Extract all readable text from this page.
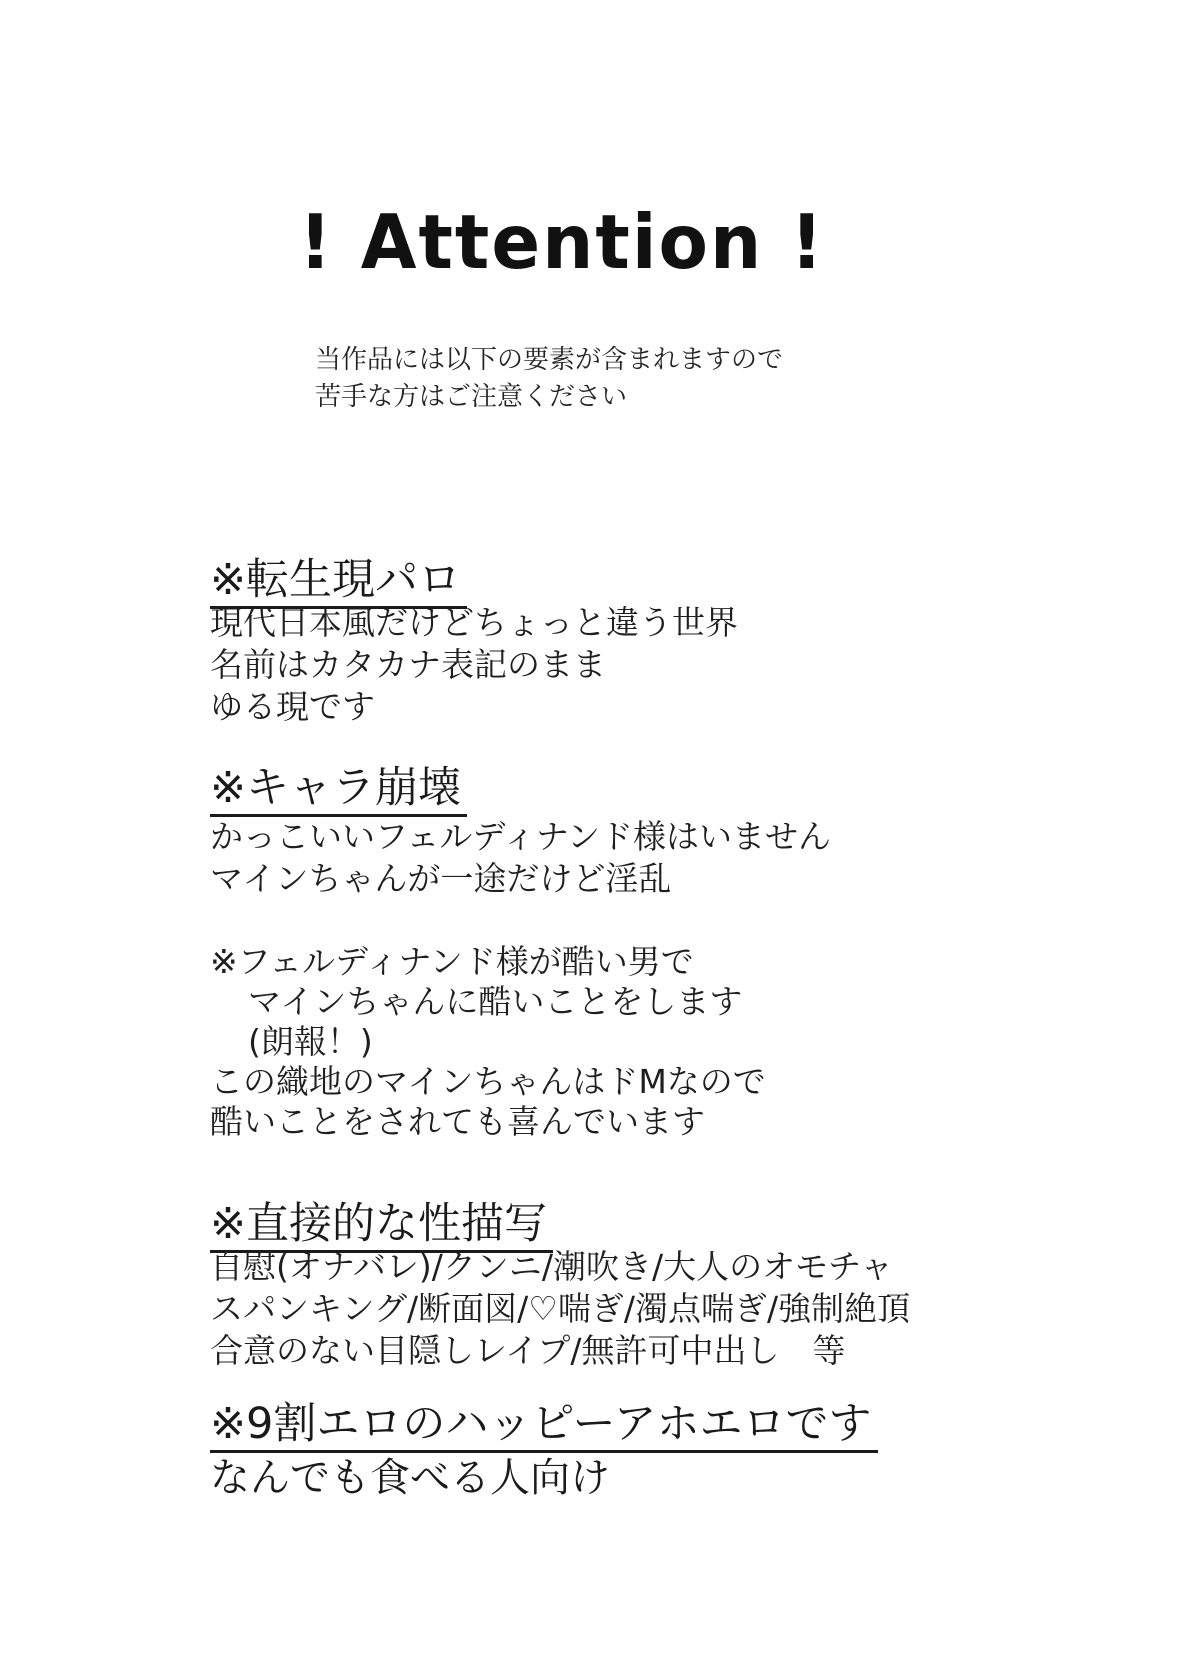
! Attention !
当作品には以下の要素が含まれますので
苦手な方はご注意ください
※転生現パロ
現代日本風だけどちょっと違う世界
名前はカタカナ表記のまま
ゆる現です
※キャラ崩壊
かっこいいフェルディナンド様はいません
マインちゃんが一途だけど淫乱
※フェルディナンド様が酷い男で
マインちゃんに酷いことをします
(朗報！)
この織地のマインちゃんはドMなので
酷いことをされても喜んでいます
※直接的な性描写
自慰(オナバレ)/クンニ/潮吹き/大人のオモチャ
スパンキング/断面図/♡喘ぎ/濁点喘ぎ/強制絶頂
合意のない目隠しレイプ/無許可中出し　等
※9割エロのハッピーアホエロです
なんでも食べる人向け
